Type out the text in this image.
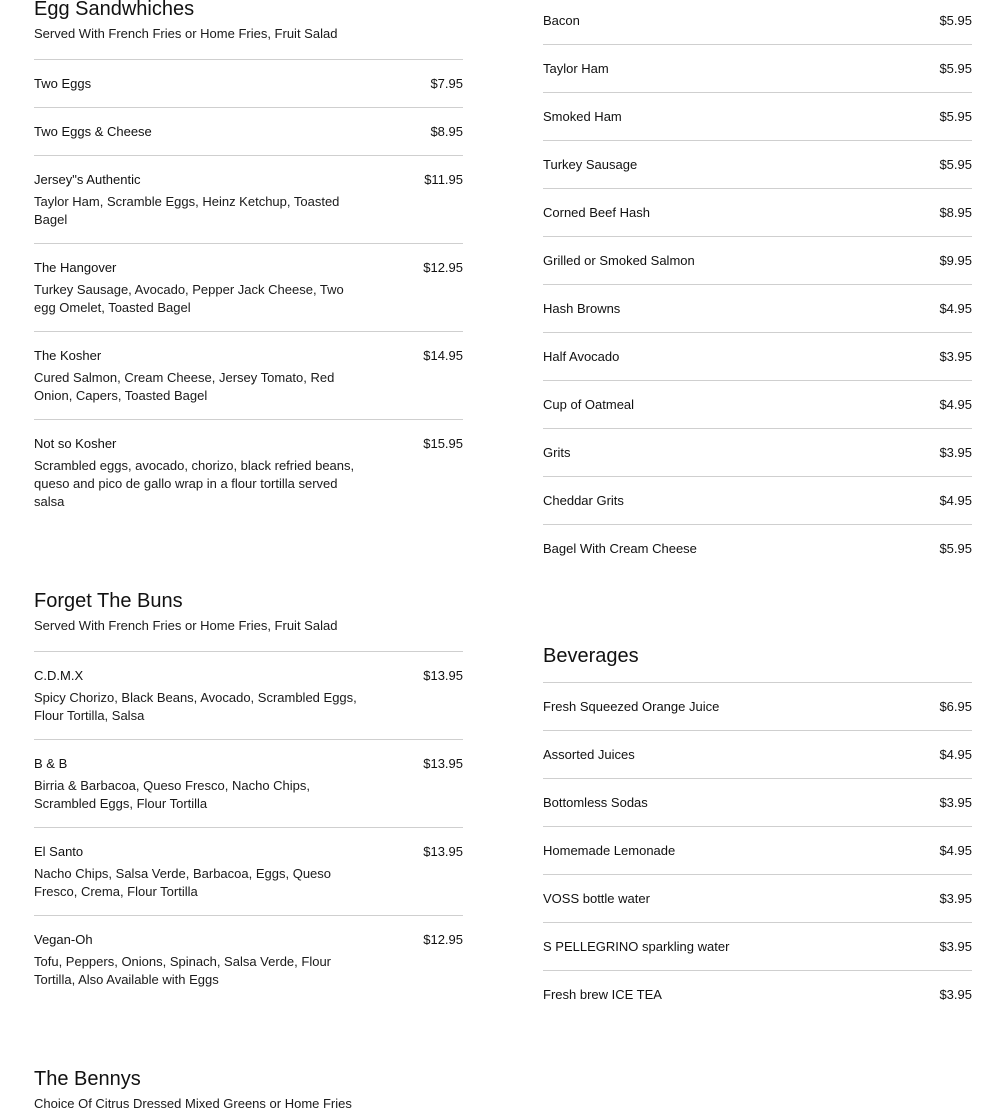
Egg Sandwhiches
Served With French Fries or Home Fries, Fruit Salad
Two Eggs	$7.95
Two Eggs & Cheese	$8.95
Jersey"s Authentic	$11.95
Taylor Ham, Scramble Eggs, Heinz Ketchup, Toasted Bagel
The Hangover	$12.95
Turkey Sausage, Avocado, Pepper Jack Cheese, Two egg Omelet, Toasted Bagel
The Kosher	$14.95
Cured Salmon, Cream Cheese, Jersey Tomato, Red Onion, Capers, Toasted Bagel
Not so Kosher	$15.95
Scrambled eggs, avocado, chorizo, black refried beans, queso and pico de gallo wrap in a flour tortilla served salsa
Forget The Buns
Served With French Fries or Home Fries, Fruit Salad
C.D.M.X	$13.95
Spicy Chorizo, Black Beans, Avocado, Scrambled Eggs, Flour Tortilla, Salsa
B & B	$13.95
Birria & Barbacoa, Queso Fresco, Nacho Chips, Scrambled Eggs, Flour Tortilla
El Santo	$13.95
Nacho Chips, Salsa Verde, Barbacoa, Eggs, Queso Fresco, Crema, Flour Tortilla
Vegan-Oh	$12.95
Tofu, Peppers, Onions, Spinach, Salsa Verde, Flour Tortilla, Also Available with Eggs
The Bennys
Choice Of Citrus Dressed Mixed Greens or Home Fries
Bacon	$5.95
Taylor Ham	$5.95
Smoked Ham	$5.95
Turkey Sausage	$5.95
Corned Beef Hash	$8.95
Grilled or Smoked Salmon	$9.95
Hash Browns	$4.95
Half Avocado	$3.95
Cup of Oatmeal	$4.95
Grits	$3.95
Cheddar Grits	$4.95
Bagel With Cream Cheese	$5.95
Beverages
Fresh Squeezed Orange Juice	$6.95
Assorted Juices	$4.95
Bottomless Sodas	$3.95
Homemade Lemonade	$4.95
VOSS bottle water	$3.95
S PELLEGRINO sparkling water	$3.95
Fresh brew ICE TEA	$3.95
